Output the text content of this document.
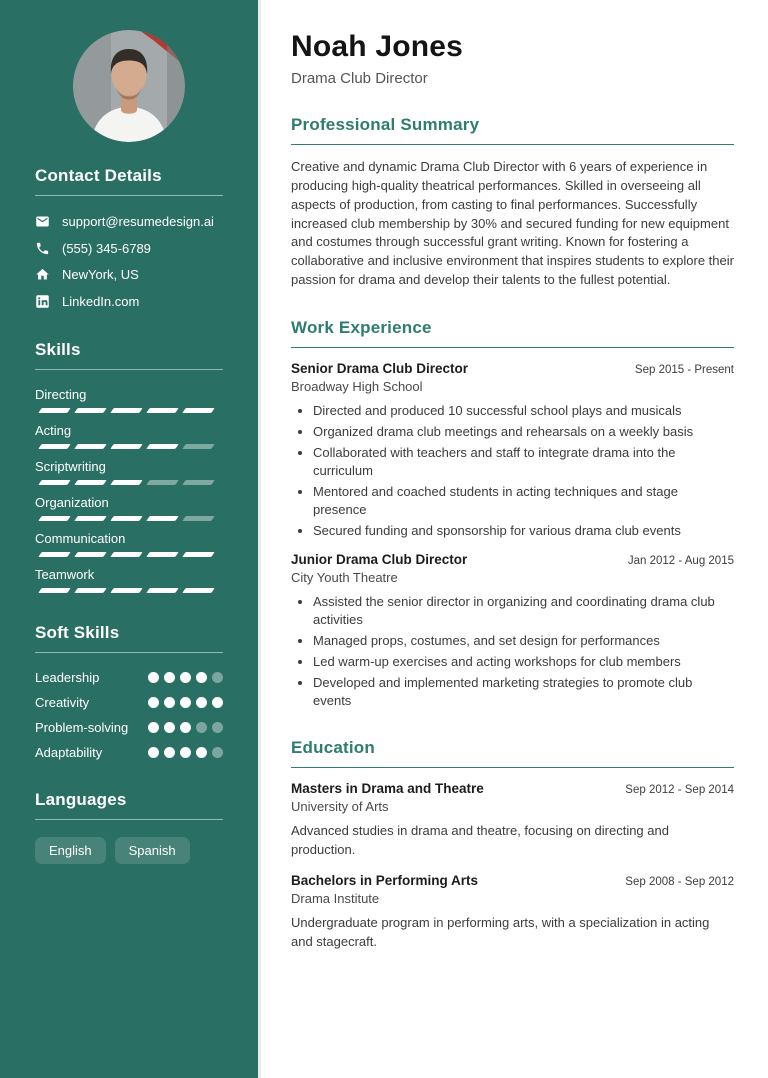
Contact Details
support@resumedesign.ai
(555) 345-6789
NewYork, US
LinkedIn.com
Skills
Directing
Acting
Scriptwriting
Organization
Communication
Teamwork
Soft Skills
Leadership
Creativity
Problem-solving
Adaptability
Languages
English	Spanish
Noah Jones
Drama Club Director
Professional Summary

Creative and dynamic Drama Club Director with 6 years of experience in producing high-quality theatrical performances. Skilled in overseeing all aspects of production, from casting to final performances. Successfully increased club membership by 30% and secured funding for new equipment and costumes through successful grant writing. Known for fostering a collaborative and inclusive environment that inspires students to explore their passion for drama and develop their talents to the fullest potential.

Work Experience
Senior Drama Club Director	Sep 2015 - Present
Broadway High School
• Directed and produced 10 successful school plays and musicals
• Organized drama club meetings and rehearsals on a weekly basis
• Collaborated with teachers and staff to integrate drama into the curriculum
• Mentored and coached students in acting techniques and stage presence
• Secured funding and sponsorship for various drama club events
Junior Drama Club Director	Jan 2012 - Aug 2015
City Youth Theatre
• Assisted the senior director in organizing and coordinating drama club activities
• Managed props, costumes, and set design for performances
• Led warm-up exercises and acting workshops for club members
• Developed and implemented marketing strategies to promote club events
Education
Masters in Drama and Theatre	Sep 2012 - Sep 2014
University of Arts

Advanced studies in drama and theatre, focusing on directing and production.

Bachelors in Performing Arts	Sep 2008 - Sep 2012
Drama Institute

Undergraduate program in performing arts, with a specialization in acting and stagecraft.
